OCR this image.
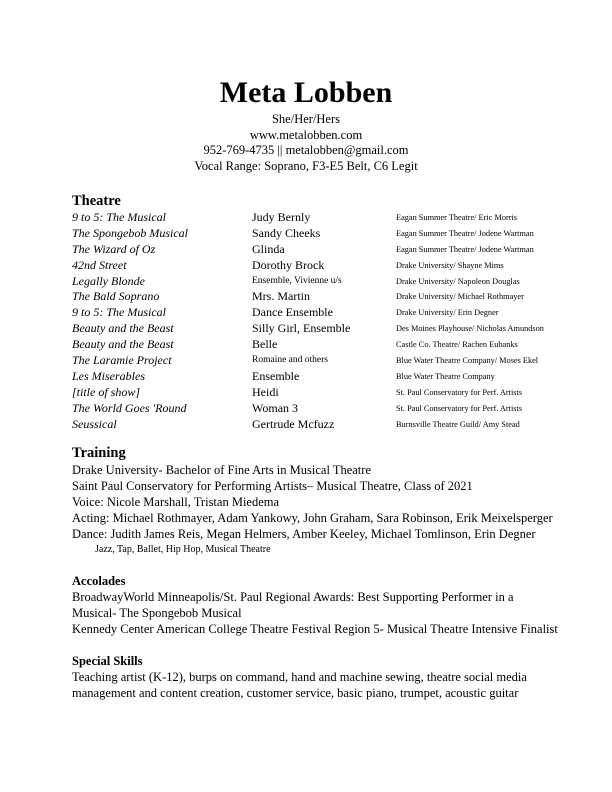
Meta Lobben
She/Her/Hers
www.metalobben.com
952-769-4735 || metalobben@gmail.com
Vocal Range: Soprano, F3-E5 Belt, C6 Legit
Theatre
9 to 5: The Musical	Judy Bernly	Eagan Summer Theatre/ Eric Morris
The Spongebob Musical	Sandy Cheeks	Eagan Summer Theatre/ Jodene Wartman
The Wizard of Oz	Glinda	Eagan Summer Theatre/ Jodene Wartman
42nd Street	Dorothy Brock	Drake University/ Shayne Mims
Legally Blonde	Ensemble, Vivienne u/s	Drake University/ Napoleon Douglas
The Bald Soprano	Mrs. Martin	Drake University/ Michael Rothmayer
9 to 5: The Musical	Dance Ensemble	Drake University/ Erin Degner
Beauty and the Beast	Silly Girl, Ensemble	Des Moines Playhouse/ Nicholas Amundson
Beauty and the Beast	Belle	Castle Co. Theatre/ Rachen Eubanks
The Laramie Project	Romaine and others	Blue Water Theatre Company/ Moses Ekel
Les Miserables	Ensemble	Blue Water Theatre Company
[title of show]	Heidi	St. Paul Conservatory for Perf. Artists
The World Goes 'Round	Woman 3	St. Paul Conservatory for Perf. Artists
Seussical	Gertrude Mcfuzz	Burnsville Theatre Guild/ Amy Stead
Training
Drake University- Bachelor of Fine Arts in Musical Theatre
Saint Paul Conservatory for Performing Artists– Musical Theatre, Class of 2021
Voice: Nicole Marshall, Tristan Miedema
Acting: Michael Rothmayer, Adam Yankowy, John Graham, Sara Robinson, Erik Meixelsperger
Dance: Judith James Reis, Megan Helmers, Amber Keeley, Michael Tomlinson, Erin Degner
Jazz, Tap, Ballet, Hip Hop, Musical Theatre
Accolades
BroadwayWorld Minneapolis/St. Paul Regional Awards: Best Supporting Performer in a
Musical- The Spongebob Musical
Kennedy Center American College Theatre Festival Region 5- Musical Theatre Intensive Finalist
Special Skills
Teaching artist (K-12), burps on command, hand and machine sewing, theatre social media
management and content creation, customer service, basic piano, trumpet, acoustic guitar
